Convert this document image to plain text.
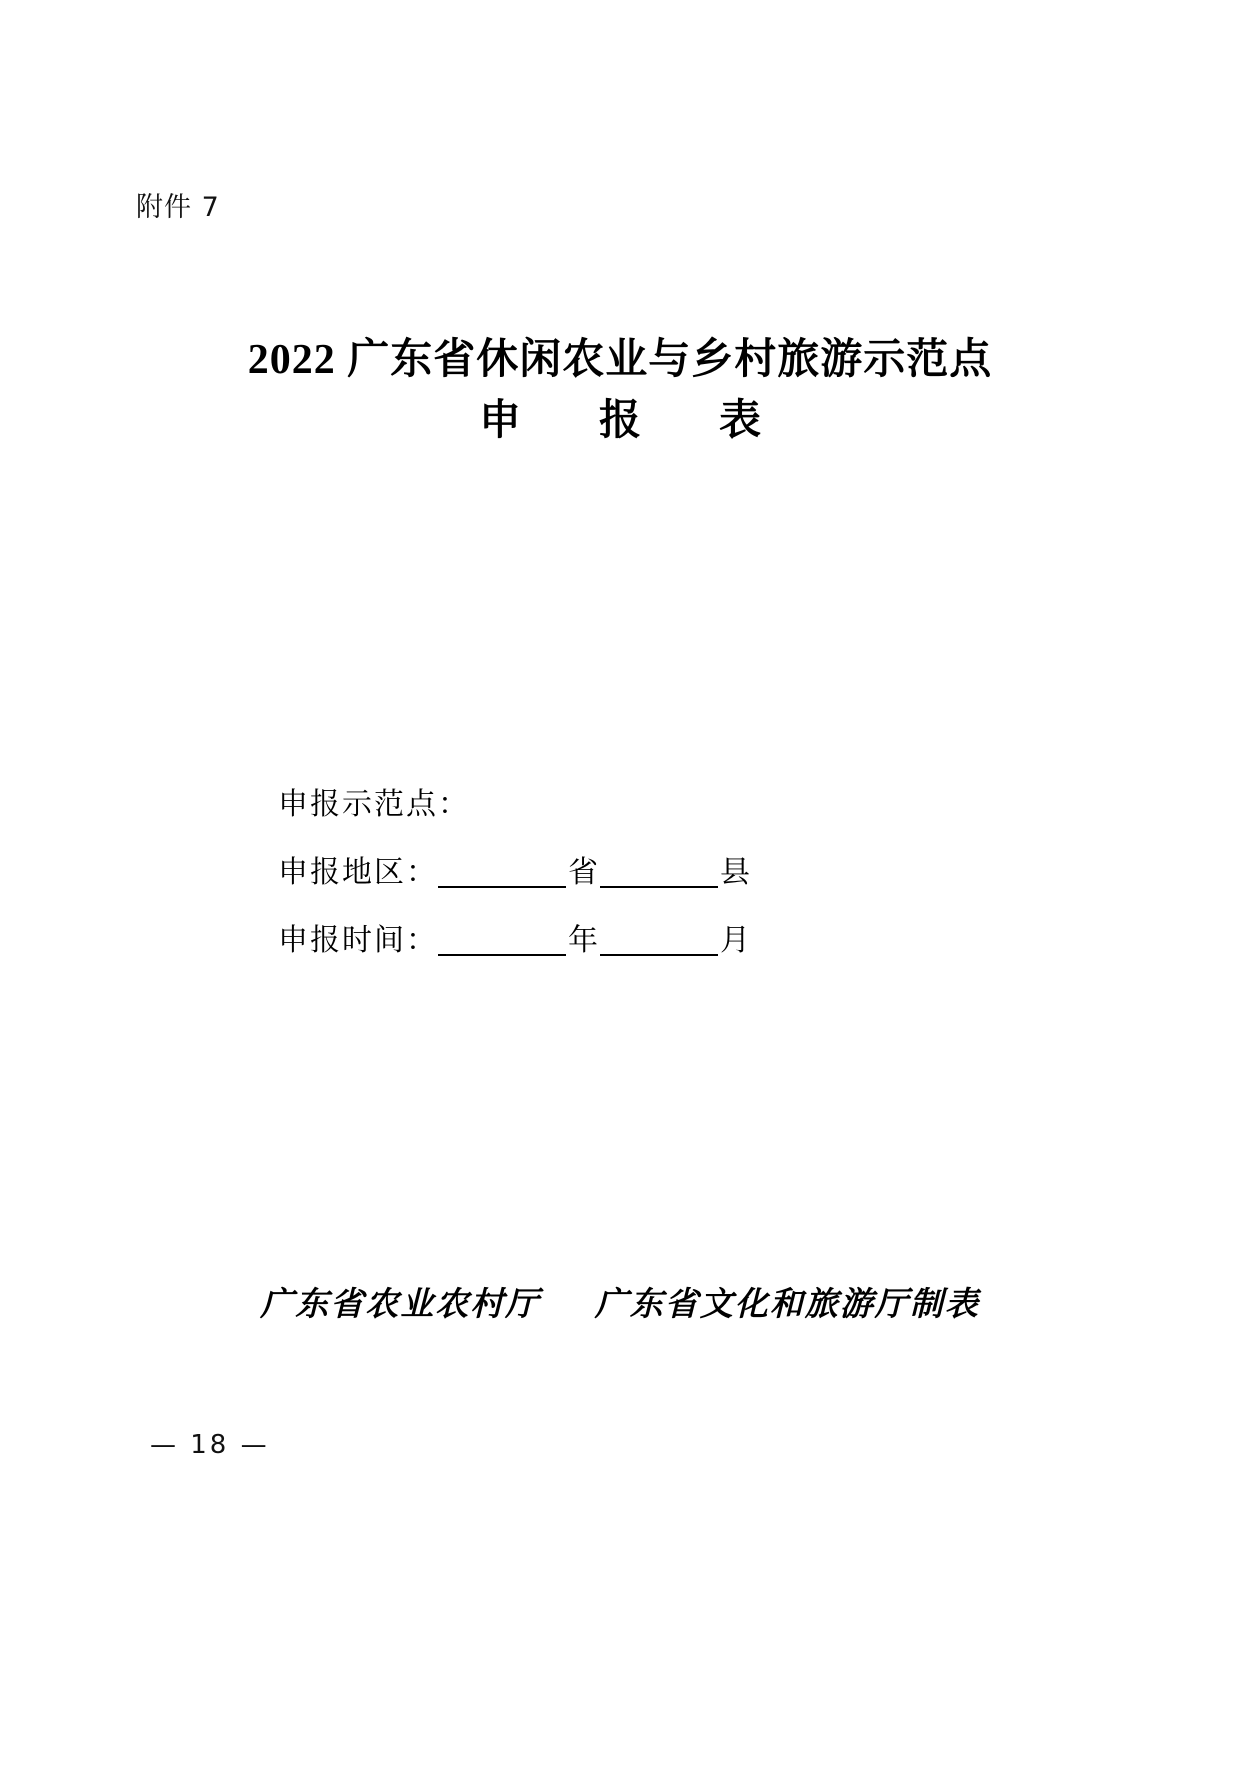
附件 7
2022 广东省休闲农业与乡村旅游示范点
申　报　表
申报示范点：
申报地区：	省	县
申报时间：	年	月
广东省农业农村厅 广东省文化和旅游厅制表
— 18 —
